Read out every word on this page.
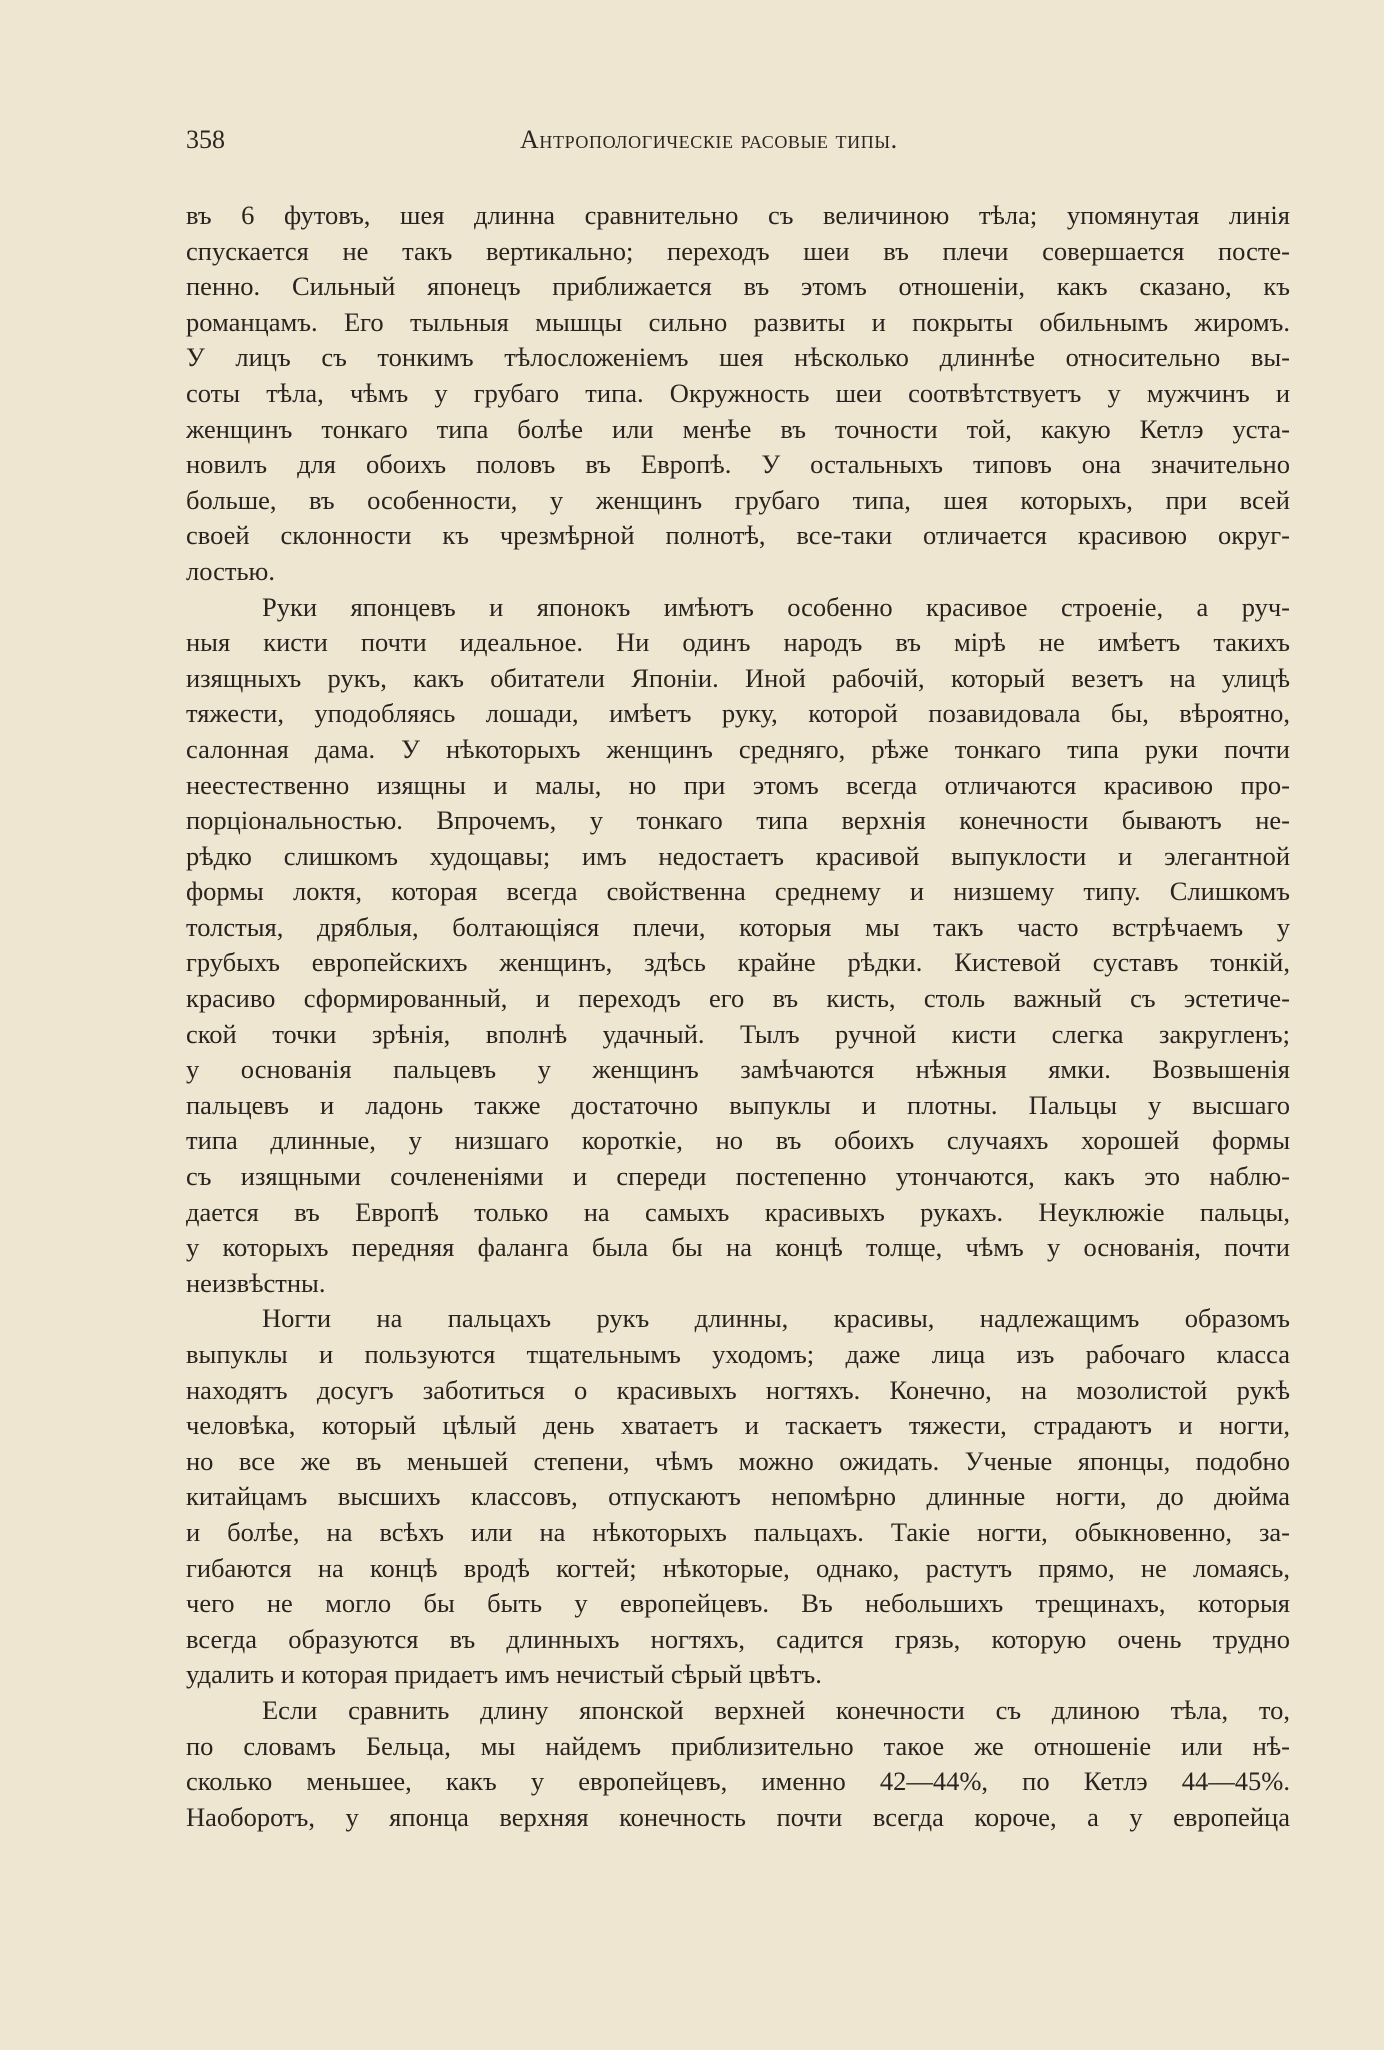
358	Антропологическіе расовые типы.
въ 6 футовъ, шея длинна сравнительно съ величиною тѣла; упомянутая линія
спускается не такъ вертикально; переходъ шеи въ плечи совершается посте-
пенно. Сильный японецъ приближается въ этомъ отношеніи, какъ сказано, къ
романцамъ. Его тыльныя мышцы сильно развиты и покрыты обильнымъ жиромъ.
У лицъ съ тонкимъ тѣлосложеніемъ шея нѣсколько длиннѣе относительно вы-
соты тѣла, чѣмъ у грубаго типа. Окружность шеи соотвѣтствуетъ у мужчинъ и
женщинъ тонкаго типа болѣе или менѣе въ точности той, какую Кетлэ уста-
новилъ для обоихъ половъ въ Европѣ. У остальныхъ типовъ она значительно
больше, въ особенности, у женщинъ грубаго типа, шея которыхъ, при всей
своей склонности къ чрезмѣрной полнотѣ, все-таки отличается красивою округ-
лостью.
Руки японцевъ и японокъ имѣютъ особенно красивое строеніе, а руч-
ныя кисти почти идеальное. Ни одинъ народъ въ мірѣ не имѣетъ такихъ
изящныхъ рукъ, какъ обитатели Японіи. Иной рабочій, который везетъ на улицѣ
тяжести, уподобляясь лошади, имѣетъ руку, которой позавидовала бы, вѣроятно,
салонная дама. У нѣкоторыхъ женщинъ средняго, рѣже тонкаго типа руки почти
неестественно изящны и малы, но при этомъ всегда отличаются красивою про-
порціональностью. Впрочемъ, у тонкаго типа верхнія конечности бываютъ не-
рѣдко слишкомъ худощавы; имъ недостаетъ красивой выпуклости и элегантной
формы локтя, которая всегда свойственна среднему и низшему типу. Слишкомъ
толстыя, дряблыя, болтающіяся плечи, которыя мы такъ часто встрѣчаемъ у
грубыхъ европейскихъ женщинъ, здѣсь крайне рѣдки. Кистевой суставъ тонкій,
красиво сформированный, и переходъ его въ кисть, столь важный съ эстетиче-
ской точки зрѣнія, вполнѣ удачный. Тылъ ручной кисти слегка закругленъ;
у основанія пальцевъ у женщинъ замѣчаются нѣжныя ямки. Возвышенія
пальцевъ и ладонь также достаточно выпуклы и плотны. Пальцы у высшаго
типа длинные, у низшаго короткіе, но въ обоихъ случаяхъ хорошей формы
съ изящными сочлененіями и спереди постепенно утончаются, какъ это наблю-
дается въ Европѣ только на самыхъ красивыхъ рукахъ. Неуклюжіе пальцы,
у которыхъ передняя фаланга была бы на концѣ толще, чѣмъ у основанія, почти
неизвѣстны.
Ногти на пальцахъ рукъ длинны, красивы, надлежащимъ образомъ
выпуклы и пользуются тщательнымъ уходомъ; даже лица изъ рабочаго класса
находятъ досугъ заботиться о красивыхъ ногтяхъ. Конечно, на мозолистой рукѣ
человѣка, который цѣлый день хватаетъ и таскаетъ тяжести, страдаютъ и ногти,
но все же въ меньшей степени, чѣмъ можно ожидать. Ученые японцы, подобно
китайцамъ высшихъ классовъ, отпускаютъ непомѣрно длинные ногти, до дюйма
и болѣе, на всѣхъ или на нѣкоторыхъ пальцахъ. Такіе ногти, обыкновенно, за-
гибаются на концѣ вродѣ когтей; нѣкоторые, однако, растутъ прямо, не ломаясь,
чего не могло бы быть у европейцевъ. Въ небольшихъ трещинахъ, которыя
всегда образуются въ длинныхъ ногтяхъ, садится грязь, которую очень трудно
удалить и которая придаетъ имъ нечистый сѣрый цвѣтъ.
Если сравнить длину японской верхней конечности съ длиною тѣла, то,
по словамъ Бельца, мы найдемъ приблизительно такое же отношеніе или нѣ-
сколько меньшее, какъ у европейцевъ, именно 42—44%, по Кетлэ 44—45%.
Наоборотъ, у японца верхняя конечность почти всегда короче, а у европейца
